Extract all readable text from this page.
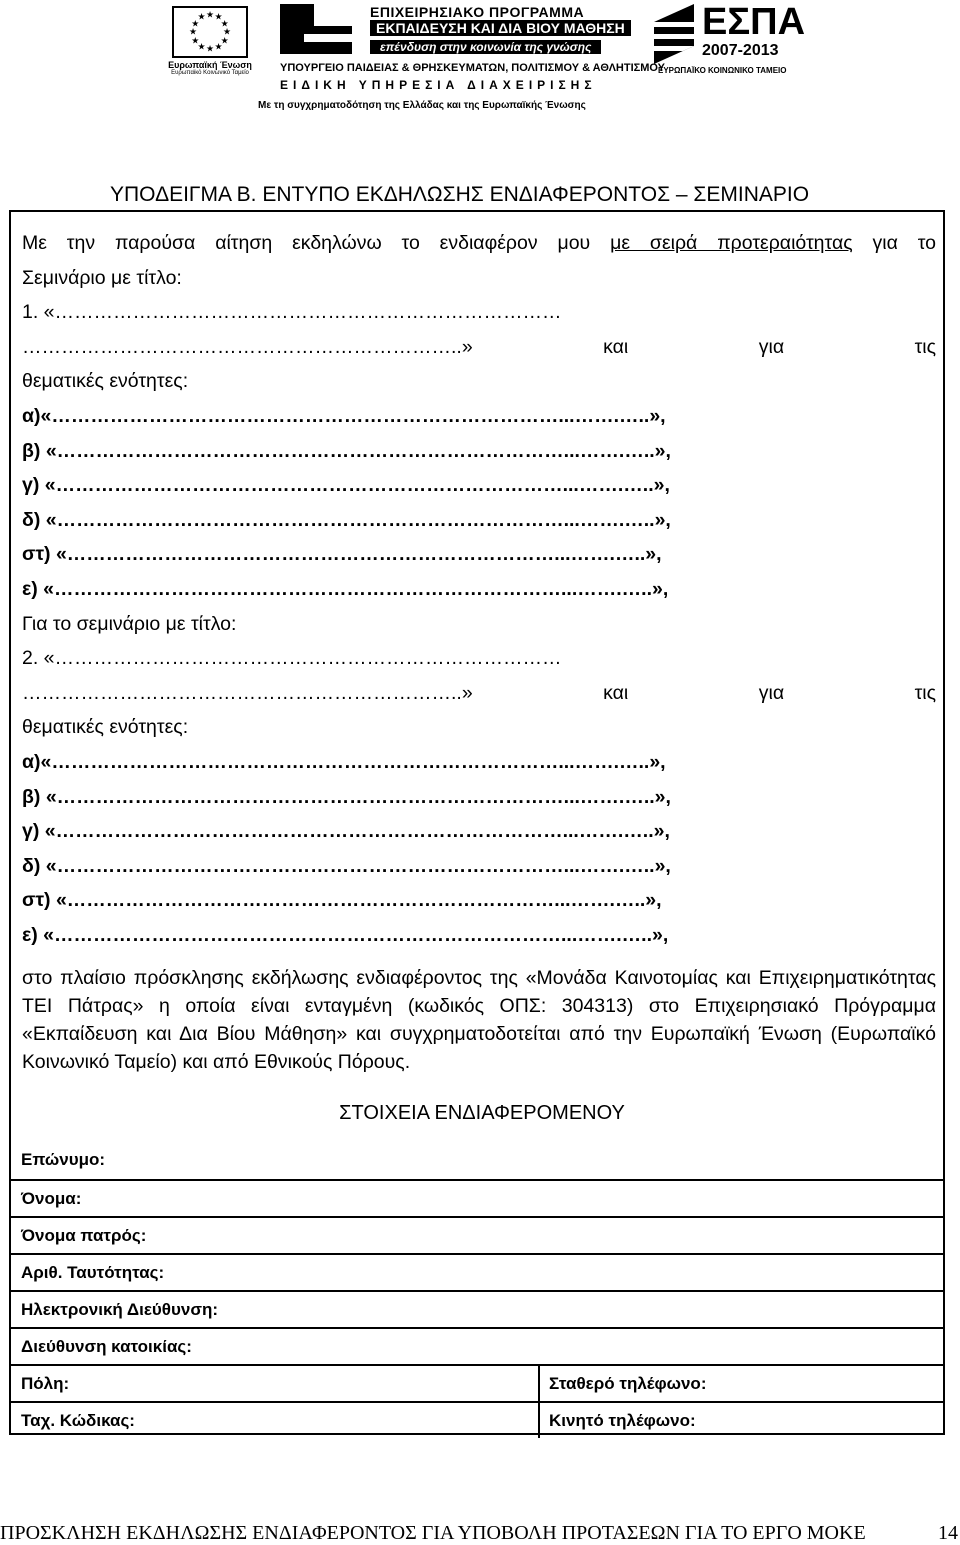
★
★
★
★
★
★
★
★
★ ★ ★
★
Ευρωπαϊκή Ένωση
Ευρωπαϊκό Κοινωνικό Ταμείο
ΕΠΙΧΕΙΡΗΣΙΑΚΟ ΠΡΟΓΡΑΜΜΑ
ΕΚΠΑΙΔΕΥΣΗ ΚΑΙ ΔΙΑ ΒΙΟΥ ΜΑΘΗΣΗ
επένδυση στην κοινωνία της γνώσης
ΥΠΟΥΡΓΕΙΟ ΠΑΙΔΕΙΑΣ & ΘΡΗΣΚΕΥΜΑΤΩΝ, ΠΟΛΙΤΙΣΜΟΥ & ΑΘΛΗΤΙΣΜΟΥ
ΕΙΔΙΚΗ ΥΠΗΡΕΣΙΑ ΔΙΑΧΕΙΡΙΣΗΣ
Με τη συγχρηματοδότηση της Ελλάδας και της Ευρωπαϊκής Ένωσης
ΕΣΠΑ
2007-2013
ΕΥΡΩΠΑΪΚΟ ΚΟΙΝΩΝΙΚΟ ΤΑΜΕΙΟ
ΥΠΟΔΕΙΓΜΑ Β. ΕΝΤΥΠΟ ΕΚΔΗΛΩΣΗΣ ΕΝΔΙΑΦΕΡΟΝΤΟΣ – ΣΕΜΙΝΑΡΙΟ
Με την παρούσα αίτηση εκδηλώνω το ενδιαφέρον μου με σειρά προτεραιότητας για το
Σεμινάριο με τίτλο:
1. «……………………………………………………………………
…………………………………………………………..» και για τις
θεματικές ενότητες:
α)«……………………………………………………………………...…….…..»,
β) «……………………………………………………………………...…….…..»,
γ) «……………………………………………………………………...…….…..»,
δ) «……………………………………………………………………...…….…..»,
στ) «…………………………………………………………………...…….…..»,
ε) «……………………………………………………………………...…….…..»,
Για το σεμινάριο με τίτλο:
2. «……………………………………………………………………
…………………………………………………………..» και για τις
θεματικές ενότητες:
α)«……………………………………………………………………...…….…..»,
β) «……………………………………………………………………...…….…..»,
γ) «……………………………………………………………………...…….…..»,
δ) «……………………………………………………………………...…….…..»,
στ) «…………………………………………………………………...…….…..»,
ε) «……………………………………………………………………...…….…..»,
στο πλαίσιο πρόσκλησης εκδήλωσης ενδιαφέροντος της «Μονάδα Καινοτομίας και Επιχειρηματικότητας ΤΕΙ Πάτρας» η οποία είναι ενταγμένη (κωδικός ΟΠΣ: 304313) στο Επιχειρησιακό Πρόγραμμα «Εκπαίδευση και Δια Βίου Μάθηση» και συγχρηματοδοτείται από την Ευρωπαϊκή Ένωση (Ευρωπαϊκό Κοινωνικό Ταμείο) και από Εθνικούς Πόρους.
ΣΤΟΙΧΕΙΑ ΕΝΔΙΑΦΕΡΟΜΕΝΟΥ
Επώνυμο:
Όνομα:
Όνομα πατρός:
Αριθ. Ταυτότητας:
Ηλεκτρονική Διεύθυνση:
Διεύθυνση κατοικίας:
Πόλη:	Σταθερό τηλέφωνο:
Ταχ. Κώδικας:	Κινητό τηλέφωνο:
ΠΡΟΣΚΛΗΣΗ ΕΚΔΗΛΩΣΗΣ ΕΝΔΙΑΦΕΡΟΝΤΟΣ ΓΙΑ ΥΠΟΒΟΛΗ ΠΡΟΤΑΣΕΩΝ ΓΙΑ ΤΟ ΕΡΓΟ ΜΟΚΕ	14
